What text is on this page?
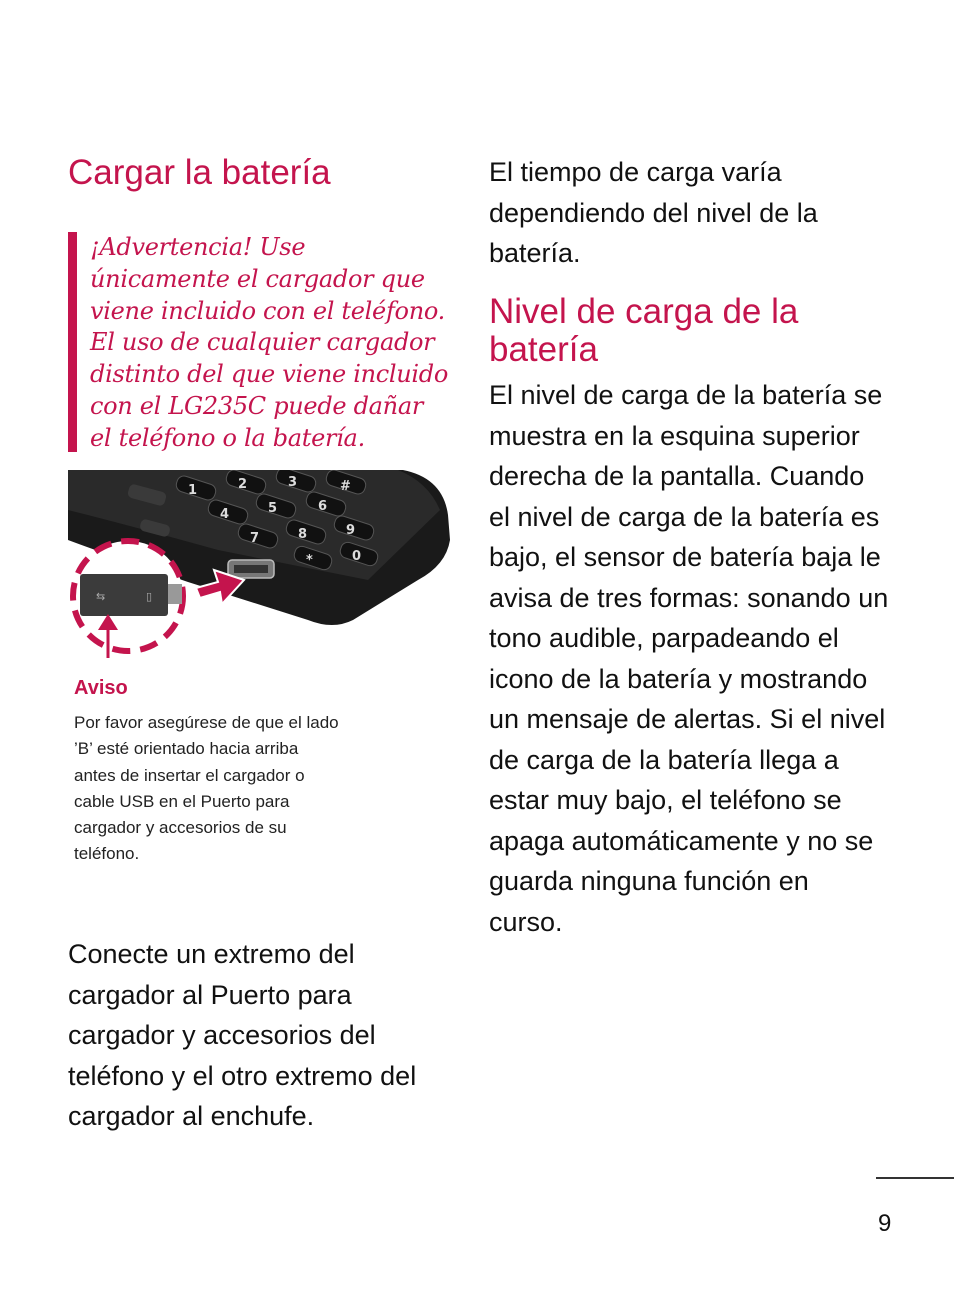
Cargar la batería

¡Advertencia! Use únicamente el cargador que viene incluido con el teléfono. El uso de cualquier cargador distinto del que viene incluido con el LG235C puede dañar el teléfono o la batería.

1	2	3
4	5	6
7	8	9
*	0
#
⇆	▯
Aviso

Por favor asegúrese de que el lado ’B’ esté orientado hacia arriba antes de insertar el cargador o cable USB en el Puerto para cargador y accesorios de su teléfono.

Conecte un extremo del cargador al Puerto para cargador y accesorios del teléfono y el otro extremo del cargador al enchufe.

El tiempo de carga varía dependiendo del nivel de la batería.

Nivel de carga de la batería

El nivel de carga de la batería se muestra en la esquina superior derecha de la pantalla. Cuando el nivel de carga de la batería es bajo, el sensor de batería baja le avisa de tres formas: sonando un tono audible, parpadeando el icono de la batería y mostrando un mensaje de alertas. Si el nivel de carga de la batería llega a estar muy bajo, el teléfono se apaga automáticamente y no se guarda ninguna función en curso.

9
